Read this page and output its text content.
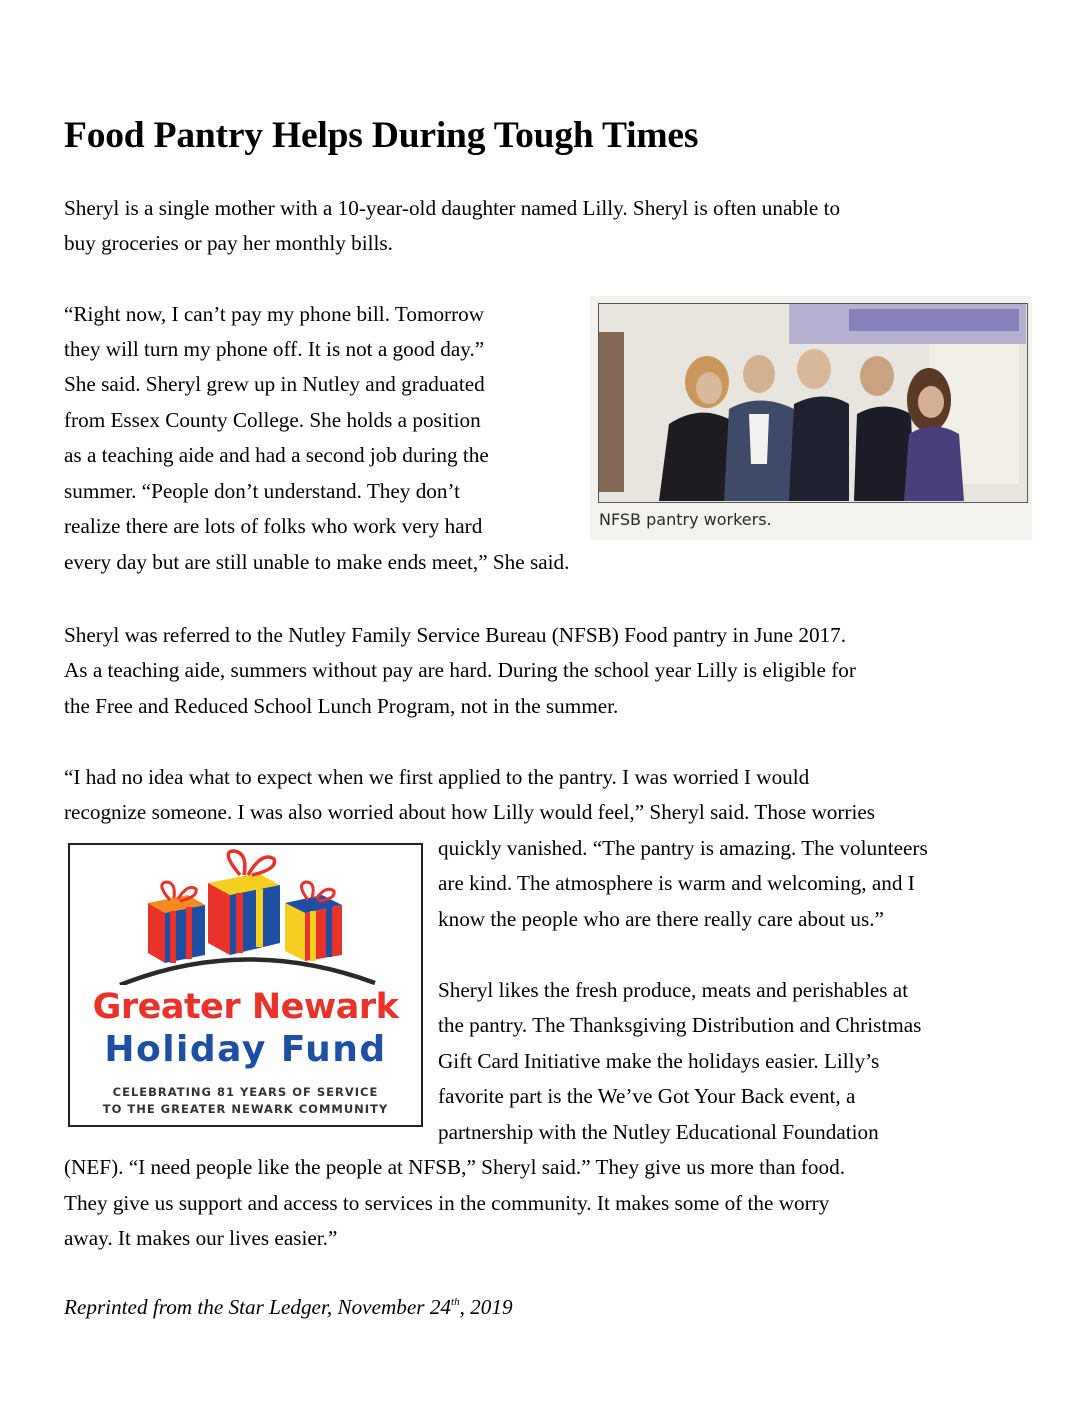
Food Pantry Helps During Tough Times
Sheryl is a single mother with a 10-year-old daughter named Lilly. Sheryl is often unable to
buy groceries or pay her monthly bills.
“Right now, I can’t pay my phone bill. Tomorrow
they will turn my phone off. It is not a good day.”
She said. Sheryl grew up in Nutley and graduated
from Essex County College. She holds a position
as a teaching aide and had a second job during the
summer. “People don’t understand. They don’t
realize there are lots of folks who work very hard
every day but are still unable to make ends meet,” She said.
NFSB pantry workers.
Sheryl was referred to the Nutley Family Service Bureau (NFSB) Food pantry in June 2017.
As a teaching aide, summers without pay are hard. During the school year Lilly is eligible for
the Free and Reduced School Lunch Program, not in the summer.
“I had no idea what to expect when we first applied to the pantry. I was worried I would
recognize someone. I was also worried about how Lilly would feel,” Sheryl said. Those worries
quickly vanished. “The pantry is amazing. The volunteers
are kind. The atmosphere is warm and welcoming, and I
know the people who are there really care about us.”
Greater Newark
Holiday Fund
CELEBRATING 81 YEARS OF SERVICE
TO THE GREATER NEWARK COMMUNITY
Sheryl likes the fresh produce, meats and perishables at
the pantry. The Thanksgiving Distribution and Christmas
Gift Card Initiative make the holidays easier. Lilly’s
favorite part is the We’ve Got Your Back event, a
partnership with the Nutley Educational Foundation
(NEF). “I need people like the people at NFSB,” Sheryl said.” They give us more than food.
They give us support and access to services in the community. It makes some of the worry
away. It makes our lives easier.”
Reprinted from the Star Ledger, November 24th, 2019
